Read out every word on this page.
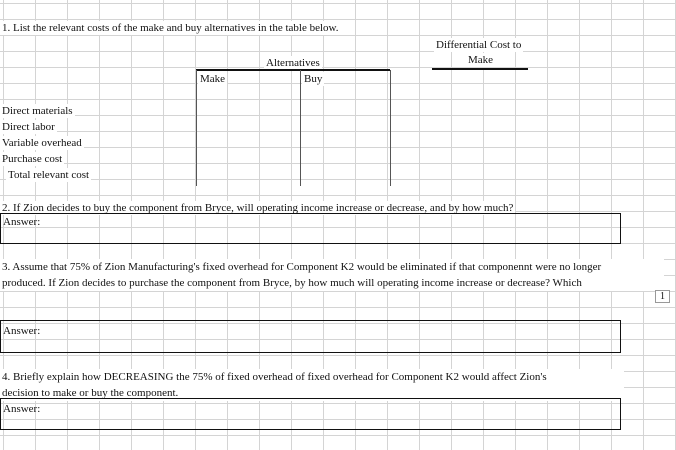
1. List the relevant costs of the make and buy alternatives in the table below.
Differential Cost to
Make
Alternatives
Make	Buy
Direct materials
Direct labor
Variable overhead
Purchase cost
Total relevant cost
2. If Zion decides to buy the component from Bryce, will operating income increase or decrease, and by how much?
Answer:
3. Assume that 75% of Zion Manufacturing's fixed overhead for Component K2 would be eliminated if that componennt were no longer
produced. If Zion decides to purchase the component from Bryce, by how much will operating income increase or decrease? Which
1
Answer:
4. Briefly explain how DECREASING the 75% of fixed overhead of fixed overhead for Component K2 would affect Zion's
decision to make or buy the component.
Answer:
